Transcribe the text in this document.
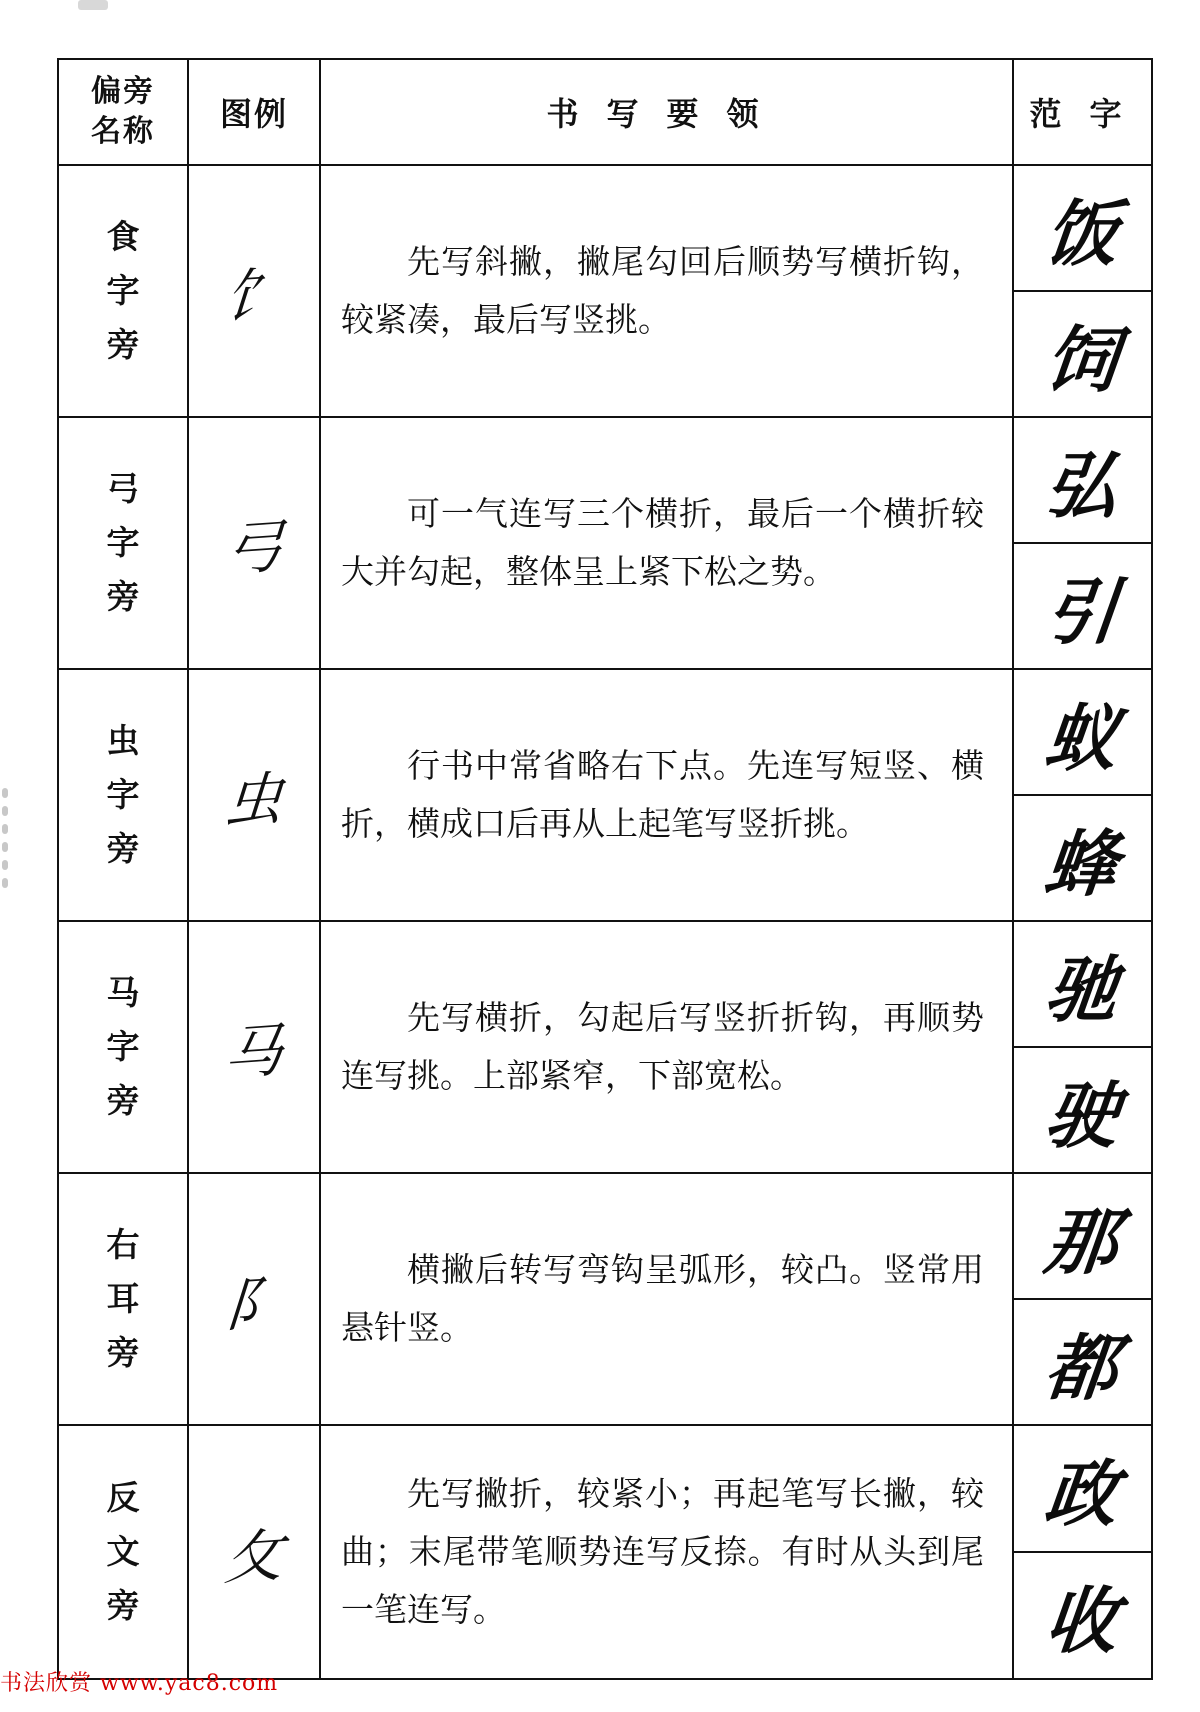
偏旁
名称	图例	书写要领	范字

食
字
旁	饣	先写斜撇，撇尾勾回后顺势写横折钩，较紧凑，最后写竖挑。	饭
			饲

弓
字
旁	弓	可一气连写三个横折，最后一个横折较大并勾起，整体呈上紧下松之势。	弘
			引

虫
字
旁	虫	行书中常省略右下点。先连写短竖、横折，横成口后再从上起笔写竖折挑。	蚁
			蜂

马
字
旁	马	先写横折，勾起后写竖折折钩，再顺势连写挑。上部紧窄，下部宽松。	驰
			驶

右
耳
旁	阝	横撇后转写弯钩呈弧形，较凸。竖常用悬针竖。	那
			都

反
文
旁	攵	先写撇折，较紧小；再起笔写长撇，较曲；末尾带笔顺势连写反捺。有时从头到尾一笔连写。	政
			收
书法欣赏 www.yac8.com
